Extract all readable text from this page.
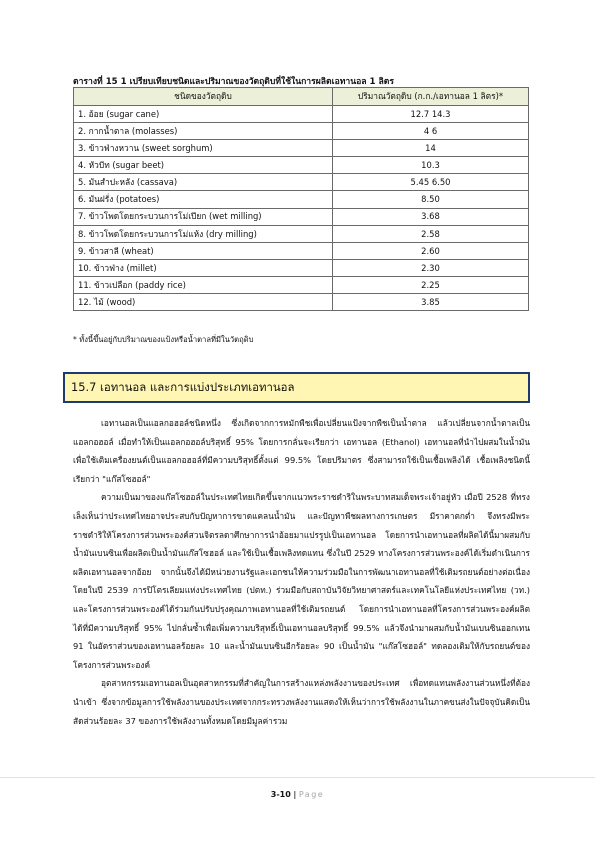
ตารางที่ 15 1 เปรียบเทียบชนิดและปริมาณของวัตถุดิบที่ใช้ในการผลิตเอทานอล 1 ลิตร
ชนิดของวัตถุดิบ	ปริมาณวัตถุดิบ (ก.ก./เอทานอล 1 ลิตร)*
1. อ้อย (sugar cane)	12.7 14.3
2. กากน้ำตาล (molasses)	4 6
3. ข้าวฟ่างหวาน (sweet sorghum)	14
4. หัวบีท (sugar beet)	10.3
5. มันสำปะหลัง (cassava)	5.45 6.50
6. มันฝรั่ง (potatoes)	8.50
7. ข้าวโพดโดยกระบวนการโม่เปียก (wet milling)	3.68
8. ข้าวโพดโดยกระบวนการโม่แห้ง (dry milling)	2.58
9. ข้าวสาลี (wheat)	2.60
10. ข้าวฟ่าง (millet)	2.30
11. ข้าวเปลือก (paddy rice)	2.25
12. ไม้ (wood)	3.85
* ทั้งนี้ขึ้นอยู่กับปริมาณของแป้งหรือน้ำตาลที่มีในวัตถุดิบ
15.7 เอทานอล และการแบ่งประเภทเอทานอล

เอทานอลเป็นแอลกอฮอล์ชนิดหนึ่ง ซึ่งเกิดจากการหมักพืชเพื่อเปลี่ยนแป้งจากพืชเป็นน้ำตาล แล้วเปลี่ยนจากน้ำตาลเป็นแอลกอฮอล์ เมื่อทำให้เป็นแอลกอฮอล์บริสุทธิ์ 95% โดยการกลั่นจะเรียกว่า เอทานอล (Ethanol) เอทานอลที่นำไปผสมในน้ำมันเพื่อใช้เติมเครื่องยนต์เป็นแอลกอฮอล์ที่มีความบริสุทธิ์ตั้งแต่ 99.5% โดยปริมาตร ซึ่งสามารถใช้เป็นเชื้อเพลิงได้ เชื้อเพลิงชนิดนี้เรียกว่า "แก๊สโซฮอล์"

ความเป็นมาของแก๊สโซฮอล์ในประเทศไทยเกิดขึ้นจากแนวพระราชดำริในพระบาทสมเด็จพระเจ้าอยู่หัว เมื่อปี 2528 ที่ทรงเล็งเห็นว่าประเทศไทยอาจประสบกับปัญหาการขาดแคลนน้ำมัน และปัญหาพืชผลทางการเกษตร มีราคาตกต่ำ จึงทรงมีพระราชดำริให้โครงการส่วนพระองค์สวนจิตรลดาศึกษาการนำอ้อยมาแปรรูปเป็นเอทานอล โดยการนำเอทานอลที่ผลิตได้นี้มาผสมกับน้ำมันเบนซินเพื่อผลิตเป็นน้ำมันแก๊สโซฮอล์ และใช้เป็นเชื้อเพลิงทดแทน ซึ่งในปี 2529 ทางโครงการส่วนพระองค์ได้เริ่มดำเนินการผลิตเอทานอลจากอ้อย จากนั้นจึงได้มีหน่วยงานรัฐและเอกชนให้ความร่วมมือในการพัฒนาเอทานอลที่ใช้เติมรถยนต์อย่างต่อเนื่อง โดยในปี 2539 การปิโตรเลียมแห่งประเทศไทย (ปตท.) ร่วมมือกับสถาบันวิจัยวิทยาศาสตร์และเทคโนโลยีแห่งประเทศไทย (วท.) และโครงการส่วนพระองค์ได้ร่วมกันปรับปรุงคุณภาพเอทานอลที่ใช้เติมรถยนต์ โดยการนำเอทานอลที่โครงการส่วนพระองค์ผลิตได้ที่มีความบริสุทธิ์ 95% ไปกลั่นซ้ำเพื่อเพิ่มความบริสุทธิ์เป็นเอทานอลบริสุทธิ์ 99.5% แล้วจึงนำมาผสมกับน้ำมันเบนซินออกเทน 91 ในอัตราส่วนของเอทานอลร้อยละ 10 และน้ำมันเบนซินอีกร้อยละ 90 เป็นน้ำมัน "แก๊สโซฮอล์" ทดลองเติมให้กับรถยนต์ของโครงการส่วนพระองค์

อุตสาหกรรมเอทานอลเป็นอุตสาหกรรมที่สำคัญในการสร้างแหล่งพลังงานของประเทศ เพื่อทดแทนพลังงานส่วนหนึ่งที่ต้องนำเข้า ซึ่งจากข้อมูลการใช้พลังงานของประเทศจากกระทรวงพลังงานแสดงให้เห็นว่าการใช้พลังงานในภาคขนส่งในปัจจุบันคิดเป็นสัดส่วนร้อยละ 37 ของการใช้พลังงานทั้งหมดโดยมีมูลค่ารวม

3-10 | Page
